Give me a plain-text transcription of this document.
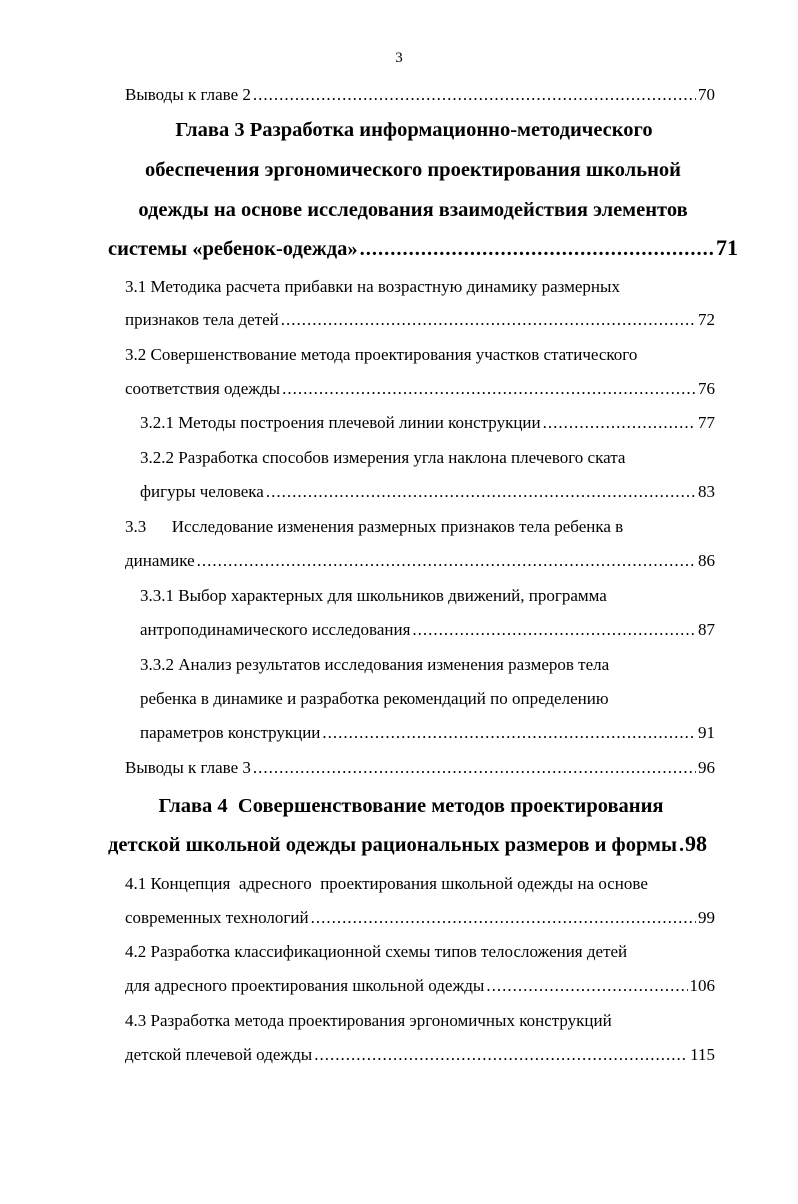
3
Выводы к главе 2 .....	70
Глава 3 Разработка информационно-методического
обеспечения эргономического проектирования школьной
одежды на основе исследования взаимодействия элементов
системы «ребенок-одежда» .....	71
3.1 Методика расчета прибавки на возрастную динамику размерных
признаков тела детей .....	72
3.2 Совершенствование метода проектирования участков статического
соответствия одежды .....	76
3.2.1 Методы построения плечевой линии конструкции .....	77
3.2.2 Разработка способов измерения угла наклона плечевого ската
фигуры человека .....	83
3.3      Исследование изменения размерных признаков тела ребенка в
динамике .....	86
3.3.1 Выбор характерных для школьников движений, программа
антроподинамического исследования .....	87
3.3.2 Анализ результатов исследования изменения размеров тела
ребенка в динамике и разработка рекомендаций по определению
параметров конструкции .....	91
Выводы к главе 3 .....	96
Глава 4  Совершенствование методов проектирования
детской школьной одежды рациональных размеров и формы ..... 98
4.1 Концепция  адресного  проектирования школьной одежды на основе
современных технологий .....	99
4.2 Разработка классификационной схемы типов телосложения детей
для адресного проектирования школьной одежды .....	106
4.3 Разработка метода проектирования эргономичных конструкций
детской плечевой одежды .....	115
